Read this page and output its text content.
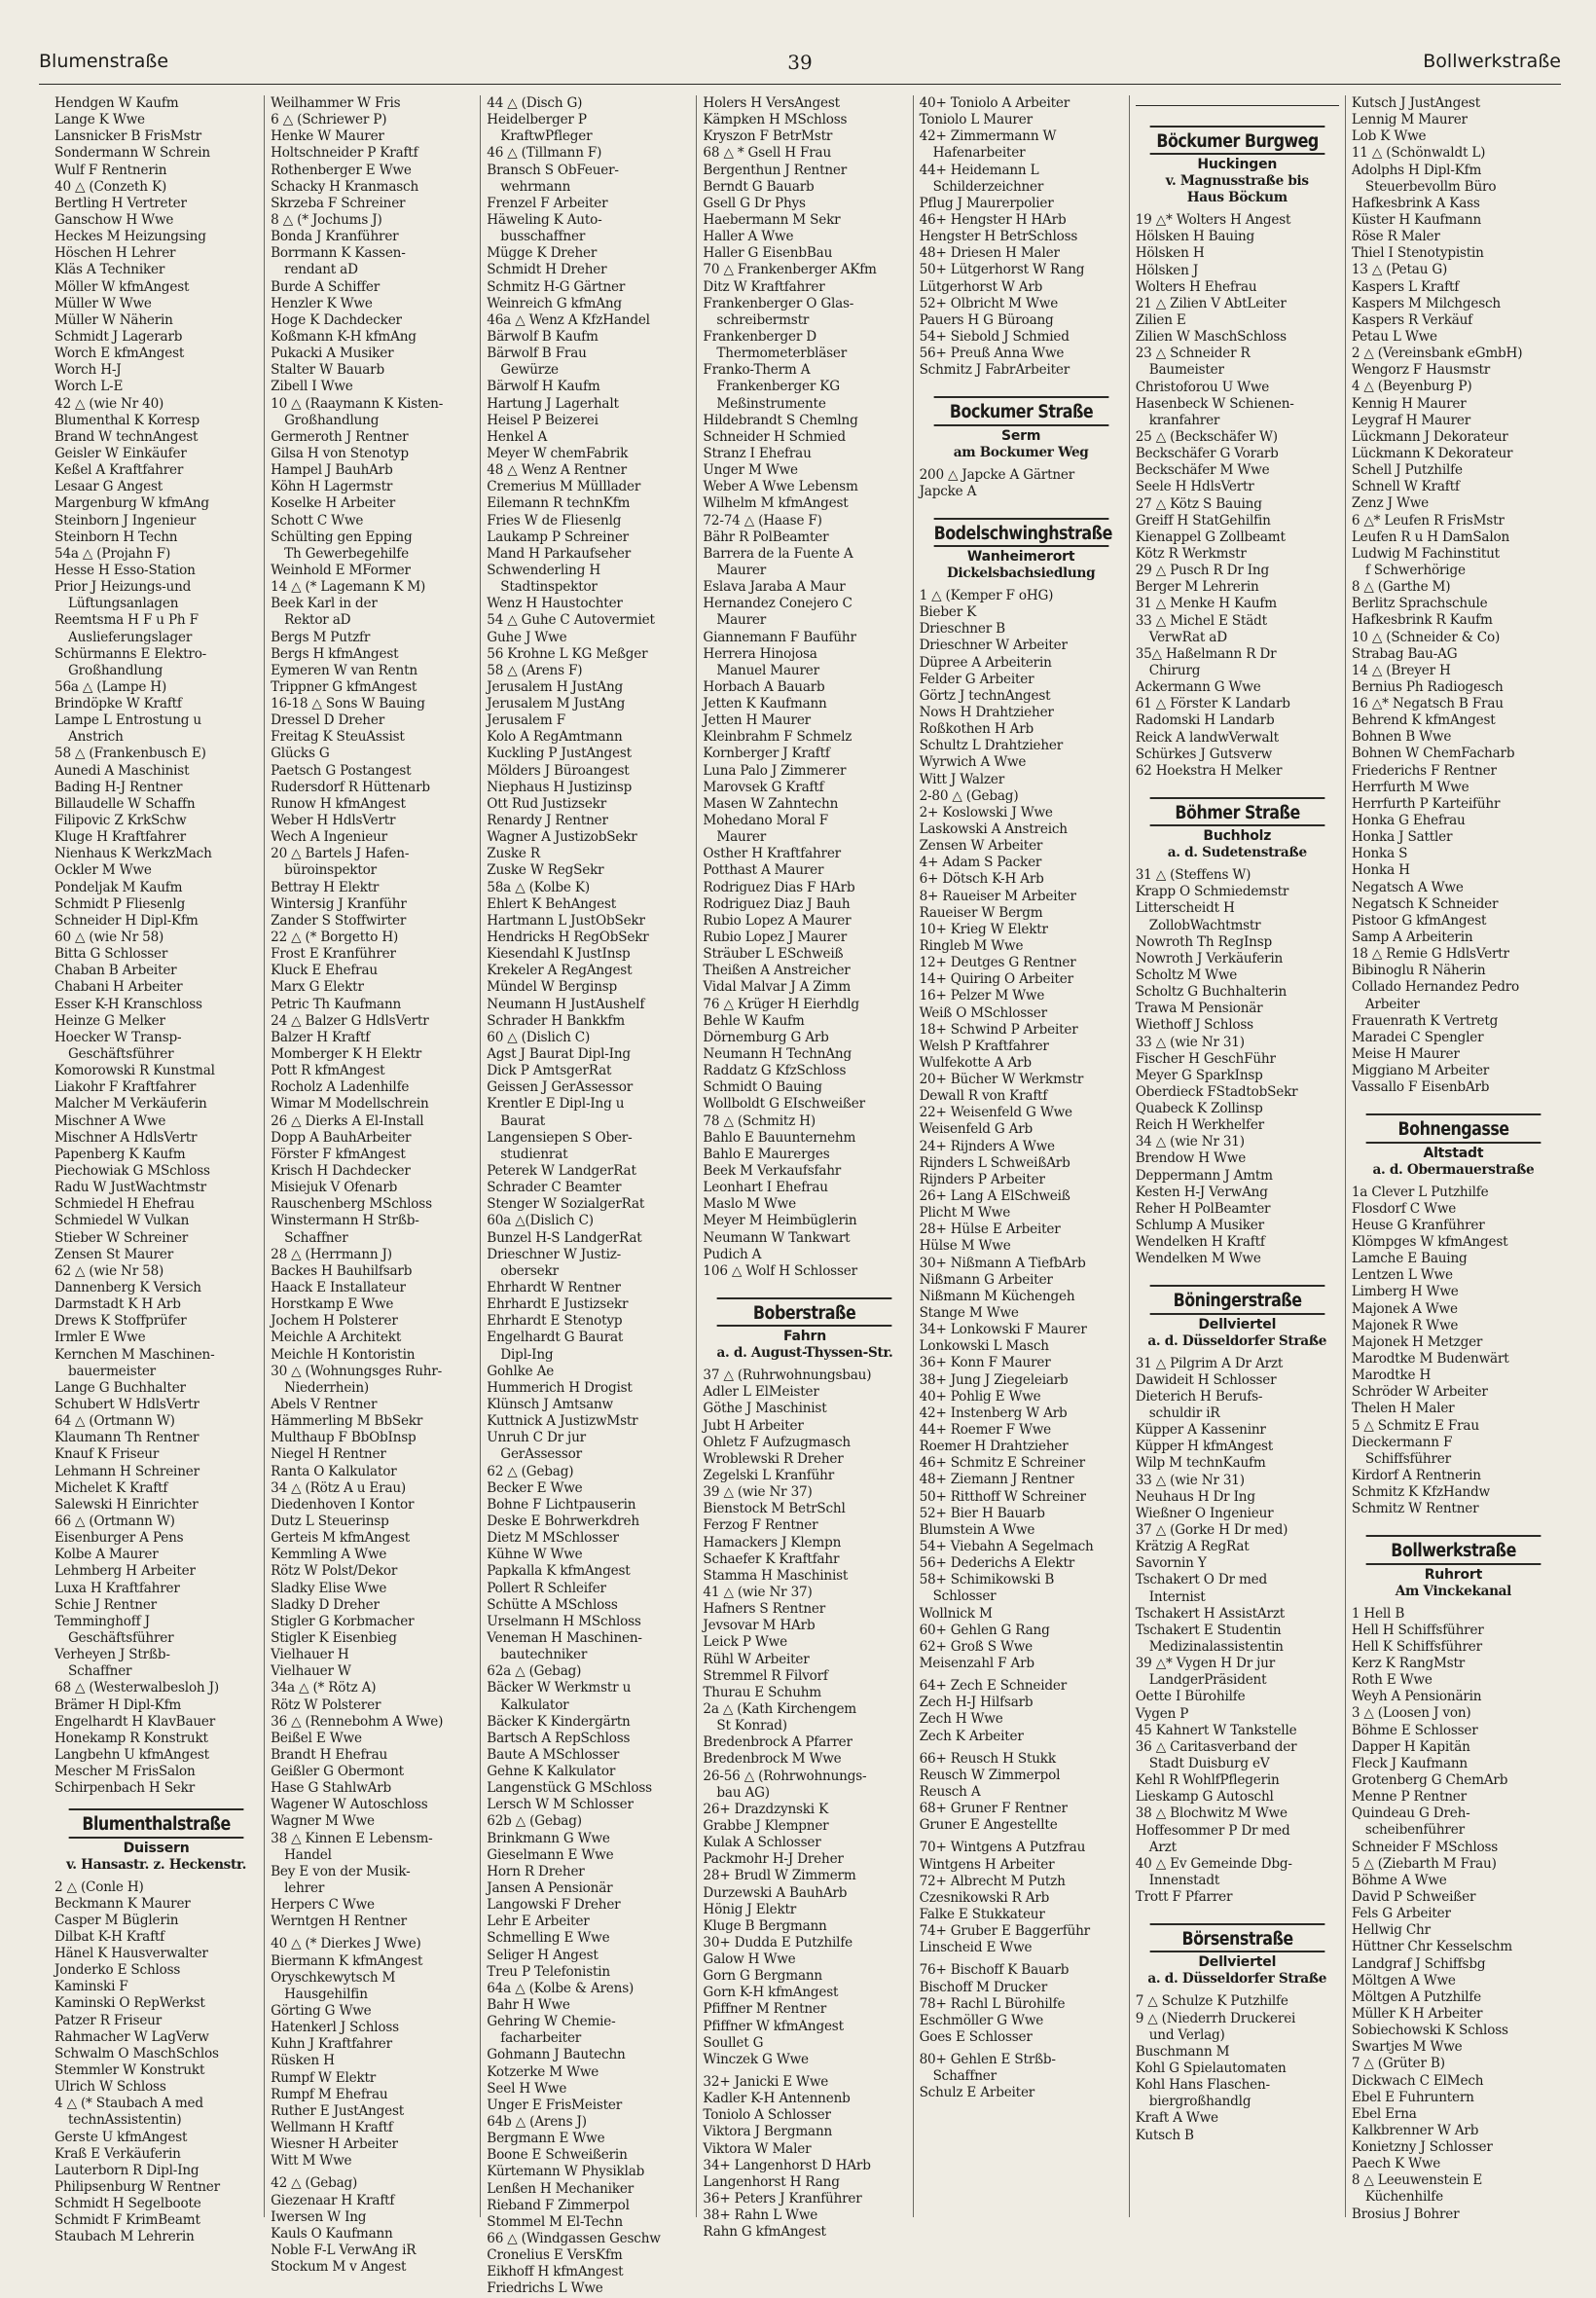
Blumenstraße	39	Bollwerkstraße
Hendgen W Kaufm
Lange K Wwe
Lansnicker B FrisMstr
Sondermann W Schrein
Wulf F Rentnerin
40 △ (Conzeth K)
Bertling H Vertreter
Ganschow H Wwe
Heckes M Heizungsing
Höschen H Lehrer
Kläs A Techniker
Möller W kfmAngest
Müller W Wwe
Müller W Näherin
Schmidt J Lagerarb
Worch E kfmAngest
Worch H-J
Worch L-E
42 △ (wie Nr 40)
Blumenthal K Korresp
Brand W technAngest
Geisler W Einkäufer
Keßel A Kraftfahrer
Lesaar G Angest
Margenburg W kfmAng
Steinborn J Ingenieur
Steinborn H Techn
54a △ (Projahn F)
Hesse H Esso-Station
Prior J Heizungs-und
Lüftungsanlagen
Reemtsma H F u Ph F
Auslieferungslager
Schürmanns E Elektro-
Großhandlung
56a △ (Lampe H)
Brindöpke W Kraftf
Lampe L Entrostung u
Anstrich
58 △ (Frankenbusch E)
Aunedi A Maschinist
Bading H-J Rentner
Billaudelle W Schaffn
Filipovic Z KrkSchw
Kluge H Kraftfahrer
Nienhaus K WerkzMach
Ockler M Wwe
Pondeljak M Kaufm
Schmidt P Fliesenlg
Schneider H Dipl-Kfm
60 △ (wie Nr 58)
Bitta G Schlosser
Chaban B Arbeiter
Chabani H Arbeiter
Esser K-H Kranschloss
Heinze G Melker
Hoecker W Transp-
Geschäftsführer
Komorowski R Kunstmal
Liakohr F Kraftfahrer
Malcher M Verkäuferin
Mischner A Wwe
Mischner A HdlsVertr
Papenberg K Kaufm
Piechowiak G MSchloss
Radu W JustWachtmstr
Schmiedel H Ehefrau
Schmiedel W Vulkan
Stieber W Schreiner
Zensen St Maurer
62 △ (wie Nr 58)
Dannenberg K Versich
Darmstadt K H Arb
Drews K Stoffprüfer
Irmler E Wwe
Kernchen M Maschinen-
bauermeister
Lange G Buchhalter
Schubert W HdlsVertr
64 △ (Ortmann W)
Klaumann Th Rentner
Knauf K Friseur
Lehmann H Schreiner
Michelet K Kraftf
Salewski H Einrichter
66 △ (Ortmann W)
Eisenburger A Pens
Kolbe A Maurer
Lehmberg H Arbeiter
Luxa H Kraftfahrer
Schie J Rentner
Temminghoff J
Geschäftsführer
Verheyen J Strßb-
Schaffner
68 △ (Westerwalbesloh J)
Brämer H Dipl-Kfm
Engelhardt H KlavBauer
Honekamp R Konstrukt
Langbehn U kfmAngest
Mescher M FrisSalon
Schirpenbach H Sekr
Blumenthalstraße
Duissern
v. Hansastr. z. Heckenstr.
2 △ (Conle H)
Beckmann K Maurer
Casper M Büglerin
Dilbat K-H Kraftf
Hänel K Hausverwalter
Jonderko E Schloss
Kaminski F
Kaminski O RepWerkst
Patzer R Friseur
Rahmacher W LagVerw
Schwalm O MaschSchlos
Stemmler W Konstrukt
Ulrich W Schloss
4 △ (* Staubach A med
technAssistentin)
Gerste U kfmAngest
Kraß E Verkäuferin
Lauterborn R Dipl-Ing
Philipsenburg W Rentner
Schmidt H Segelboote
Schmidt F KrimBeamt
Staubach M Lehrerin
Weilhammer W Fris
6 △ (Schriewer P)
Henke W Maurer
Holtschneider P Kraftf
Rothenberger E Wwe
Schacky H Kranmasch
Skrzeba F Schreiner
8 △ (* Jochums J)
Bonda J Kranführer
Borrmann K Kassen-
rendant aD
Burde A Schiffer
Henzler K Wwe
Hoge K Dachdecker
Koßmann K-H kfmAng
Pukacki A Musiker
Stalter W Bauarb
Zibell I Wwe
10 △ (Raaymann K Kisten-
Großhandlung
Germeroth J Rentner
Gilsa H von Stenotyp
Hampel J BauhArb
Köhn H Lagermstr
Koselke H Arbeiter
Schott C Wwe
Schülting gen Epping
Th Gewerbegehilfe
Weinhold E MFormer
14 △ (* Lagemann K M)
Beek Karl in der
Rektor aD
Bergs M Putzfr
Bergs H kfmAngest
Eymeren W van Rentn
Trippner G kfmAngest
16-18 △ Sons W Bauing
Dressel D Dreher
Freitag K SteuAssist
Glücks G
Paetsch G Postangest
Rudersdorf R Hüttenarb
Runow H kfmAngest
Weber H HdlsVertr
Wech A Ingenieur
20 △ Bartels J Hafen-
büroinspektor
Bettray H Elektr
Wintersig J Kranführ
Zander S Stoffwirter
22 △ (* Borgetto H)
Frost E Kranführer
Kluck E Ehefrau
Marx G Elektr
Petric Th Kaufmann
24 △ Balzer G HdlsVertr
Balzer H Kraftf
Momberger K H Elektr
Pott R kfmAngest
Rocholz A Ladenhilfe
Wimar M Modellschrein
26 △ Dierks A El-Install
Dopp A BauhArbeiter
Förster F kfmAngest
Krisch H Dachdecker
Misiejuk V Ofenarb
Rauschenberg MSchloss
Winstermann H Strßb-
Schaffner
28 △ (Herrmann J)
Backes H Bauhilfsarb
Haack E Installateur
Horstkamp E Wwe
Jochem H Polsterer
Meichle A Architekt
Meichle H Kontoristin
30 △ (Wohnungsges Ruhr-
Niederrhein)
Abels V Rentner
Hämmerling M BbSekr
Multhaup F BbObInsp
Niegel H Rentner
Ranta O Kalkulator
34 △ (Rötz A u Erau)
Diedenhoven I Kontor
Dutz L Steuerinsp
Gerteis M kfmAngest
Kemmling A Wwe
Rötz W Polst/Dekor
Sladky Elise Wwe
Sladky D Dreher
Stigler G Korbmacher
Stigler K Eisenbieg
Vielhauer H
Vielhauer W
34a △ (* Rötz A)
Rötz W Polsterer
36 △ (Rennebohm A Wwe)
Beißel E Wwe
Brandt H Ehefrau
Geißler G Obermont
Hase G StahlwArb
Wagener W Autoschloss
Wagner M Wwe
38 △ Kinnen E Lebensm-
Handel
Bey E von der Musik-
lehrer
Herpers C Wwe
Werntgen H Rentner
40 △ (* Dierkes J Wwe)
Biermann K kfmAngest
Oryschkewytsch M
Hausgehilfin
Görting G Wwe
Hatenkerl J Schloss
Kuhn J Kraftfahrer
Rüsken H
Rumpf W Elektr
Rumpf M Ehefrau
Ruther E JustAngest
Wellmann H Kraftf
Wiesner H Arbeiter
Witt M Wwe
42 △ (Gebag)
Giezenaar H Kraftf
Iwersen W Ing
Kauls O Kaufmann
Noble F-L VerwAng iR
Stockum M v Angest
44 △ (Disch G)
Heidelberger P
KraftwPfleger
46 △ (Tillmann F)
Bransch S ObFeuer-
wehrmann
Frenzel F Arbeiter
Häweling K Auto-
busschaffner
Mügge K Dreher
Schmidt H Dreher
Schmitz H-G Gärtner
Weinreich G kfmAng
46a △ Wenz A KfzHandel
Bärwolf B Kaufm
Bärwolf B Frau
Gewürze
Bärwolf H Kaufm
Hartung J Lagerhalt
Heisel P Beizerei
Henkel A
Meyer W chemFabrik
48 △ Wenz A Rentner
Cremerius M Mülllader
Eilemann R technKfm
Fries W de Fliesenlg
Laukamp P Schreiner
Mand H Parkaufseher
Schwenderling H
Stadtinspektor
Wenz H Haustochter
54 △ Guhe C Autovermiet
Guhe J Wwe
56 Krohne L KG Meßger
58 △ (Arens F)
Jerusalem H JustAng
Jerusalem M JustAng
Jerusalem F
Kolo A RegAmtmann
Kuckling P JustAngest
Mölders J Büroangest
Niephaus H Justizinsp
Ott Rud Justizsekr
Renardy J Rentner
Wagner A JustizobSekr
Zuske R
Zuske W RegSekr
58a △ (Kolbe K)
Ehlert K BehAngest
Hartmann L JustObSekr
Hendricks H RegObSekr
Kiesendahl K JustInsp
Krekeler A RegAngest
Mündel W Berginsp
Neumann H JustAushelf
Schrader H Bankkfm
60 △ (Dislich C)
Agst J Baurat Dipl-Ing
Dick P AmtsgerRat
Geissen J GerAssessor
Krentler E Dipl-Ing u
Baurat
Langensiepen S Ober-
studienrat
Peterek W LandgerRat
Schrader C Beamter
Stenger W SozialgerRat
60a △(Dislich C)
Bunzel H-S LandgerRat
Drieschner W Justiz-
obersekr
Ehrhardt W Rentner
Ehrhardt E Justizsekr
Ehrhardt E Stenotyp
Engelhardt G Baurat
Dipl-Ing
Gohlke Ae
Hummerich H Drogist
Klünsch J Amtsanw
Kuttnick A JustizwMstr
Unruh C Dr jur
GerAssessor
62 △ (Gebag)
Becker E Wwe
Bohne F Lichtpauserin
Deske E Bohrwerkdreh
Dietz M MSchlosser
Kühne W Wwe
Papkalla K kfmAngest
Pollert R Schleifer
Schütte A MSchloss
Urselmann H MSchloss
Veneman H Maschinen-
bautechniker
62a △ (Gebag)
Bäcker W Werkmstr u
Kalkulator
Bäcker K Kindergärtn
Bartsch A RepSchloss
Baute A MSchlosser
Gehne K Kalkulator
Langenstück G MSchloss
Lersch W M Schlosser
62b △ (Gebag)
Brinkmann G Wwe
Gieselmann E Wwe
Horn R Dreher
Jansen A Pensionär
Langowski F Dreher
Lehr E Arbeiter
Schmelling E Wwe
Seliger H Angest
Treu P Telefonistin
64a △ (Kolbe & Arens)
Bahr H Wwe
Gehring W Chemie-
facharbeiter
Gohmann J Bautechn
Kotzerke M Wwe
Seel H Wwe
Unger E FrisMeister
64b △ (Arens J)
Bergmann E Wwe
Boone E Schweißerin
Kürtemann W Physiklab
Lenßen H Mechaniker
Rieband F Zimmerpol
Stommel M El-Techn
66 △ (Windgassen Geschw
Cronelius E VersKfm
Eikhoff H kfmAngest
Friedrichs L Wwe
Holers H VersAngest
Kämpken H MSchloss
Kryszon F BetrMstr
68 △ * Gsell H Frau
Bergenthun J Rentner
Berndt G Bauarb
Gsell G Dr Phys
Haebermann M Sekr
Haller A Wwe
Haller G EisenbBau
70 △ Frankenberger AKfm
Ditz W Kraftfahrer
Frankenberger O Glas-
schreibermstr
Frankenberger D
Thermometerbläser
Franko-Therm A
Frankenberger KG
Meßinstrumente
Hildebrandt S Chemlng
Schneider H Schmied
Stranz I Ehefrau
Unger M Wwe
Weber A Wwe Lebensm
Wilhelm M kfmAngest
72-74 △ (Haase F)
Bähr R PolBeamter
Barrera de la Fuente A
Maurer
Eslava Jaraba A Maur
Hernandez Conejero C
Maurer
Giannemann F Bauführ
Herrera Hinojosa
Manuel Maurer
Horbach A Bauarb
Jetten K Kaufmann
Jetten H Maurer
Kleinbrahm F Schmelz
Kornberger J Kraftf
Luna Palo J Zimmerer
Marovsek G Kraftf
Masen W Zahntechn
Mohedano Moral F
Maurer
Osther H Kraftfahrer
Potthast A Maurer
Rodriguez Dias F HArb
Rodriguez Diaz J Bauh
Rubio Lopez A Maurer
Rubio Lopez J Maurer
Sträuber L ESchweiß
Theißen A Anstreicher
Vidal Malvar J A Zimm
76 △ Krüger H Eierhdlg
Behle W Kaufm
Dörnemburg G Arb
Neumann H TechnAng
Raddatz G KfzSchloss
Schmidt O Bauing
Wollboldt G EIschweißer
78 △ (Schmitz H)
Bahlo E Bauunternehm
Bahlo E Maurerges
Beek M Verkaufsfahr
Leonhart I Ehefrau
Maslo M Wwe
Meyer M Heimbüglerin
Neumann W Tankwart
Pudich A
106 △ Wolf H Schlosser
Boberstraße
Fahrn
a. d. August-Thyssen-Str.
37 △ (Ruhrwohnungsbau)
Adler L ElMeister
Göthe J Maschinist
Jubt H Arbeiter
Ohletz F Aufzugmasch
Wroblewski R Dreher
Zegelski L Kranführ
39 △ (wie Nr 37)
Bienstock M BetrSchl
Ferzog F Rentner
Hamackers J Klempn
Schaefer K Kraftfahr
Stamma H Maschinist
41 △ (wie Nr 37)
Hafners S Rentner
Jevsovar M HArb
Leick P Wwe
Rühl W Arbeiter
Stremmel R Filvorf
Thurau E Schuhm
2a △ (Kath Kirchengem
St Konrad)
Bredenbrock A Pfarrer
Bredenbrock M Wwe
26-56 △ (Rohrwohnungs-
bau AG)
26+ Drazdzynski K
Grabbe J Klempner
Kulak A Schlosser
Packmohr H-J Dreher
28+ Brudl W Zimmerm
Durzewski A BauhArb
Hönig J Elektr
Kluge B Bergmann
30+ Dudda E Putzhilfe
Galow H Wwe
Gorn G Bergmann
Gorn K-H kfmAngest
Pfiffner M Rentner
Pfiffner W kfmAngest
Soullet G
Winczek G Wwe
32+ Janicki E Wwe
Kadler K-H Antennenb
Toniolo A Schlosser
Viktora J Bergmann
Viktora W Maler
34+ Langenhorst D HArb
Langenhorst H Rang
36+ Peters J Kranführer
38+ Rahn L Wwe
Rahn G kfmAngest
40+ Toniolo A Arbeiter
Toniolo L Maurer
42+ Zimmermann W
Hafenarbeiter
44+ Heidemann L
Schilderzeichner
Pflug J Maurerpolier
46+ Hengster H HArb
Hengster H BetrSchloss
48+ Driesen H Maler
50+ Lütgerhorst W Rang
Lütgerhorst W Arb
52+ Olbricht M Wwe
Pauers H G Büroang
54+ Siebold J Schmied
56+ Preuß Anna Wwe
Schmitz J FabrArbeiter
Bockumer Straße
Serm
am Bockumer Weg
200 △ Japcke A Gärtner
Japcke A
Bodelschwinghstraße
Wanheimerort
Dickelsbachsiedlung
1 △ (Kemper F oHG)
Bieber K
Drieschner B
Drieschner W Arbeiter
Düpree A Arbeiterin
Felder G Arbeiter
Görtz J technAngest
Nows H Drahtzieher
Roßkothen H Arb
Schultz L Drahtzieher
Wyrwich A Wwe
Witt J Walzer
2-80 △ (Gebag)
2+ Koslowski J Wwe
Laskowski A Anstreich
Zensen W Arbeiter
4+ Adam S Packer
6+ Dötsch K-H Arb
8+ Raueiser M Arbeiter
Raueiser W Bergm
10+ Krieg W Elektr
Ringleb M Wwe
12+ Deutges G Rentner
14+ Quiring O Arbeiter
16+ Pelzer M Wwe
Weiß O MSchlosser
18+ Schwind P Arbeiter
Welsh P Kraftfahrer
Wulfekotte A Arb
20+ Bücher W Werkmstr
Dewall R von Kraftf
22+ Weisenfeld G Wwe
Weisenfeld G Arb
24+ Rijnders A Wwe
Rijnders L SchweißArb
Rijnders P Arbeiter
26+ Lang A ElSchweiß
Plicht M Wwe
28+ Hülse E Arbeiter
Hülse M Wwe
30+ Nißmann A TiefbArb
Nißmann G Arbeiter
Nißmann M Küchengeh
Stange M Wwe
34+ Lonkowski F Maurer
Lonkowski L Masch
36+ Konn F Maurer
38+ Jung J Ziegeleiarb
40+ Pohlig E Wwe
42+ Instenberg W Arb
44+ Roemer F Wwe
Roemer H Drahtzieher
46+ Schmitz E Schreiner
48+ Ziemann J Rentner
50+ Ritthoff W Schreiner
52+ Bier H Bauarb
Blumstein A Wwe
54+ Viebahn A Segelmach
56+ Dederichs A Elektr
58+ Schimikowski B
Schlosser
Wollnick M
60+ Gehlen G Rang
62+ Groß S Wwe
Meisenzahl F Arb
64+ Zech E Schneider
Zech H-J Hilfsarb
Zech H Wwe
Zech K Arbeiter
66+ Reusch H Stukk
Reusch W Zimmerpol
Reusch A
68+ Gruner F Rentner
Gruner E Angestellte
70+ Wintgens A Putzfrau
Wintgens H Arbeiter
72+ Albrecht M Putzh
Czesnikowski R Arb
Falke E Stukkateur
74+ Gruber E Baggerführ
Linscheid E Wwe
76+ Bischoff K Bauarb
Bischoff M Drucker
78+ Rachl L Bürohilfe
Eschmöller G Wwe
Goes E Schlosser
80+ Gehlen E Strßb-
Schaffner
Schulz E Arbeiter
Böckumer Burgweg
Huckingen
v. Magnusstraße bis
Haus Böckum
19 △* Wolters H Angest
Hölsken H Bauing
Hölsken H
Hölsken J
Wolters H Ehefrau
21 △ Zilien V AbtLeiter
Zilien E
Zilien W MaschSchloss
23 △ Schneider R
Baumeister
Christoforou U Wwe
Hasenbeck W Schienen-
kranfahrer
25 △ (Beckschäfer W)
Beckschäfer G Vorarb
Beckschäfer M Wwe
Seele H HdlsVertr
27 △ Kötz S Bauing
Greiff H StatGehilfin
Kienappel G Zollbeamt
Kötz R Werkmstr
29 △ Pusch R Dr Ing
Berger M Lehrerin
31 △ Menke H Kaufm
33 △ Michel E Städt
VerwRat aD
35△ Haßelmann R Dr
Chirurg
Ackermann G Wwe
61 △ Förster K Landarb
Radomski H Landarb
Reick A landwVerwalt
Schürkes J Gutsverw
62 Hoekstra H Melker
Böhmer Straße
Buchholz
a. d. Sudetenstraße
31 △ (Steffens W)
Krapp O Schmiedemstr
Litterscheidt H
ZollobWachtmstr
Nowroth Th RegInsp
Nowroth J Verkäuferin
Scholtz M Wwe
Scholtz G Buchhalterin
Trawa M Pensionär
Wiethoff J Schloss
33 △ (wie Nr 31)
Fischer H GeschFühr
Meyer G SparkInsp
Oberdieck FStadtobSekr
Quabeck K Zollinsp
Reich H Werkhelfer
34 △ (wie Nr 31)
Brendow H Wwe
Deppermann J Amtm
Kesten H-J VerwAng
Reher H PolBeamter
Schlump A Musiker
Wendelken H Kraftf
Wendelken M Wwe
Böningerstraße
Dellviertel
a. d. Düsseldorfer Straße
31 △ Pilgrim A Dr Arzt
Dawideit H Schlosser
Dieterich H Berufs-
schuldir iR
Küpper A Kasseninr
Küpper H kfmAngest
Wilp M technKaufm
33 △ (wie Nr 31)
Neuhaus H Dr Ing
Wießner O Ingenieur
37 △ (Gorke H Dr med)
Krätzig A RegRat
Savornin Y
Tschakert O Dr med
Internist
Tschakert H AssistArzt
Tschakert E Studentin
Medizinalassistentin
39 △* Vygen H Dr jur
LandgerPräsident
Oette I Bürohilfe
Vygen P
45 Kahnert W Tankstelle
36 △ Caritasverband der
Stadt Duisburg eV
Kehl R WohlfPflegerin
Lieskamp G Autoschl
38 △ Blochwitz M Wwe
Hoffesommer P Dr med
Arzt
40 △ Ev Gemeinde Dbg-
Innenstadt
Trott F Pfarrer
Börsenstraße
Dellviertel
a. d. Düsseldorfer Straße
7 △ Schulze K Putzhilfe
9 △ (Niederrh Druckerei
und Verlag)
Buschmann M
Kohl G Spielautomaten
Kohl Hans Flaschen-
biergroßhandlg
Kraft A Wwe
Kutsch B
Kutsch J JustAngest
Lennig M Maurer
Lob K Wwe
11 △ (Schönwaldt L)
Adolphs H Dipl-Kfm
Steuerbevollm Büro
Hafkesbrink A Kass
Küster H Kaufmann
Röse R Maler
Thiel I Stenotypistin
13 △ (Petau G)
Kaspers L Kraftf
Kaspers M Milchgesch
Kaspers R Verkäuf
Petau L Wwe
2 △ (Vereinsbank eGmbH)
Wengorz F Hausmstr
4 △ (Beyenburg P)
Kennig H Maurer
Leygraf H Maurer
Lückmann J Dekorateur
Lückmann K Dekorateur
Schell J Putzhilfe
Schnell W Kraftf
Zenz J Wwe
6 △* Leufen R FrisMstr
Leufen R u H DamSalon
Ludwig M Fachinstitut
f Schwerhörige
8 △ (Garthe M)
Berlitz Sprachschule
Hafkesbrink R Kaufm
10 △ (Schneider & Co)
Strabag Bau-AG
14 △ (Breyer H
Bernius Ph Radiogesch
16 △* Negatsch B Frau
Behrend K kfmAngest
Bohnen B Wwe
Bohnen W ChemFacharb
Friederichs F Rentner
Herrfurth M Wwe
Herrfurth P Karteiführ
Honka G Ehefrau
Honka J Sattler
Honka S
Honka H
Negatsch A Wwe
Negatsch K Schneider
Pistoor G kfmAngest
Samp A Arbeiterin
18 △ Remie G HdlsVertr
Bibinoglu R Näherin
Collado Hernandez Pedro
Arbeiter
Frauenrath K Vertretg
Maradei C Spengler
Meise H Maurer
Miggiano M Arbeiter
Vassallo F EisenbArb
Bohnengasse
Altstadt
a. d. Obermauerstraße
1a Clever L Putzhilfe
Flosdorf C Wwe
Heuse G Kranführer
Klömpges W kfmAngest
Lamche E Bauing
Lentzen L Wwe
Limberg H Wwe
Majonek A Wwe
Majonek R Wwe
Majonek H Metzger
Marodtke M Budenwärt
Marodtke H
Schröder W Arbeiter
Thelen H Maler
5 △ Schmitz E Frau
Dieckermann F
Schiffsführer
Kirdorf A Rentnerin
Schmitz K KfzHandw
Schmitz W Rentner
Bollwerkstraße
Ruhrort
Am Vinckekanal
1 Hell B
Hell H Schiffsführer
Hell K Schiffsführer
Kerz K RangMstr
Roth E Wwe
Weyh A Pensionärin
3 △ (Loosen J von)
Böhme E Schlosser
Dapper H Kapitän
Fleck J Kaufmann
Grotenberg G ChemArb
Menne P Rentner
Quindeau G Dreh-
scheibenführer
Schneider F MSchloss
5 △ (Ziebarth M Frau)
Böhme A Wwe
David P Schweißer
Fels G Arbeiter
Hellwig Chr
Hüttner Chr Kesselschm
Landgraf J Schiffsbg
Möltgen A Wwe
Möltgen A Putzhilfe
Müller K H Arbeiter
Sobiechowski K Schloss
Swartjes M Wwe
7 △ (Grüter B)
Dickwach C ElMech
Ebel E Fuhruntern
Ebel Erna
Kalkbrenner W Arb
Konietzny J Schlosser
Paech K Wwe
8 △ Leeuwenstein E
Küchenhilfe
Brosius J Bohrer
